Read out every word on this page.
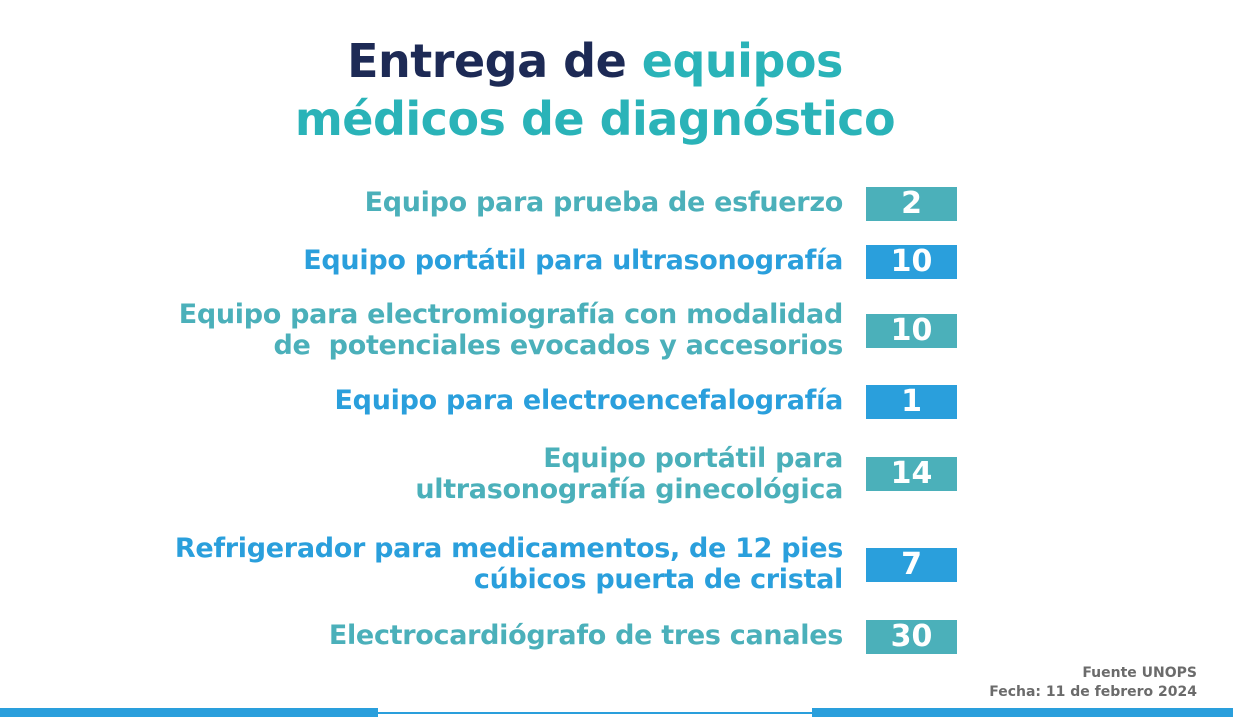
Entrega de equipos
médicos de diagnóstico
Equipo para prueba de esfuerzo	2
Equipo portátil para ultrasonografía	10
Equipo para electromiografía con modalidad
de  potenciales evocados y accesorios	10
Equipo para electroencefalografía	1
Equipo portátil para
ultrasonografía ginecológica	14
Refrigerador para medicamentos, de 12 pies
cúbicos puerta de cristal	7
Electrocardiógrafo de tres canales	30
Fuente UNOPS
Fecha: 11 de febrero 2024
